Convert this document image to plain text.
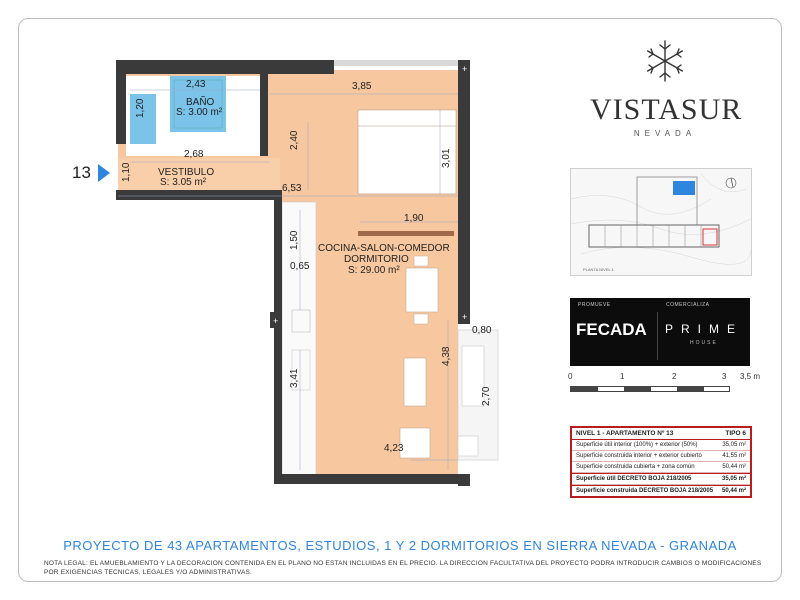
13
+
+
+
2,43
1,20
3,85
2,40
2,68
1,10
3,01
6,53
1,90
1,50
0,65
0,80
4,38
3,41
2,70
4,23
BAÑO
S: 3.00 m²
VESTIBULO
S: 3.05 m²
COCINA-SALON-COMEDOR
DORMITORIO
S: 29.00 m²
VISTASUR
NEVADA
PLANTA NIVEL 1
PROMUEVE	COMERCIALIZA
FECADA PRIME
HOUSE
0	1	2	3 3,5 m
NIVEL 1 - APARTAMENTO Nº 13	TIPO 6
Superficie útil interior (100%) + exterior (50%)	35,05 m²
Superficie construida interior + exterior cubierto	41,55 m²
Superficie construida cubierta + zona común	50,44 m²
Superficie útil DECRETO BOJA 218/2005	35,05 m²
Superficie construida DECRETO BOJA 218/2005 50,44 m²
PROYECTO DE 43 APARTAMENTOS, ESTUDIOS, 1 Y 2 DORMITORIOS EN SIERRA NEVADA - GRANADA
NOTA LEGAL: EL AMUEBLAMIENTO Y LA DECORACION CONTENIDA EN EL PLANO NO ESTAN INCLUIDAS EN EL PRECIO. LA DIRECCION FACULTATIVA DEL PROYECTO PODRA INTRODUCIR CAMBIOS O MODIFICACIONES POR EXIGENCIAS TECNICAS, LEGALES Y/O ADMINISTRATIVAS.
